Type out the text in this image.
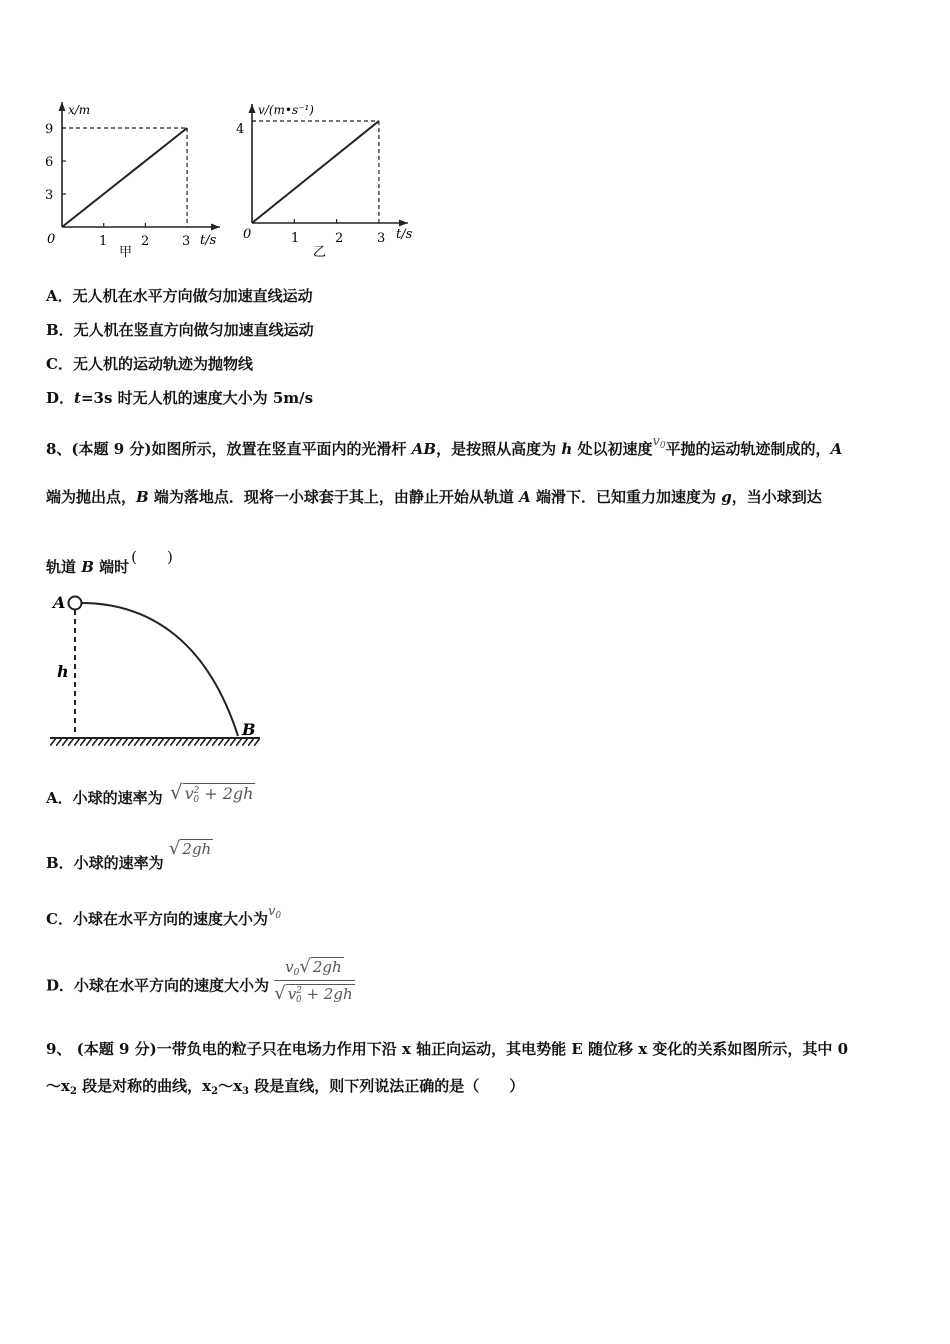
x/m
t/s
0
9
6
3
1	2	3
甲
v/(m•s⁻¹)
t/s
0
4
1	2	3
乙
A．无人机在水平方向做匀加速直线运动
B．无人机在竖直方向做匀加速直线运动
C．无人机的运动轨迹为抛物线
D．t=3s 时无人机的速度大小为 5m/s
8、(本题 9 分)如图所示，放置在竖直平面内的光滑杆 AB，是按照从高度为 h 处以初速度$v_0$平抛的运动轨迹制成的，A
端为抛出点，B 端为落地点．现将一小球套于其上，由静止开始从轨道 A 端滑下．已知重力加速度为 g，当小球到达
轨道 B 端时(　　)
A
h
B
A．小球的速率为 √ $v^2_0 + 2gh$
B．小球的速率为 √ 2gh
C．小球在水平方向的速度大小为$v_0$
D．小球在水平方向的速度大小为 $\frac{v_0√ 2gh}{√ v^2_0 + 2gh}$
9、 (本题 9 分)一带负电的粒子只在电场力作用下沿 x 轴正向运动，其电势能 E 随位移 x 变化的关系如图所示，其中 0
$\sim x_2$ 段是对称的曲线，$x_2\sim x_3$ 段是直线，则下列说法正确的是（　　）
